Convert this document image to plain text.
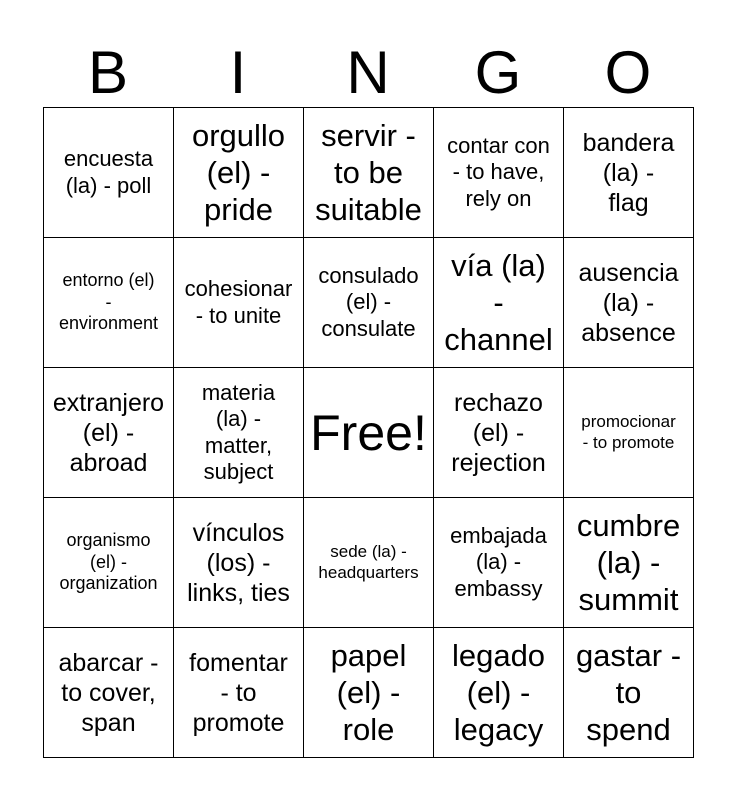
B	I	N	G	O
encuesta
(la) - poll	orgullo
(el) -
pride	servir -
to be
suitable	contar con
- to have,
rely on	bandera
(la) -
flag
entorno (el)
-
environment	cohesionar
- to unite	consulado
(el) -
consulate	vía (la)
-
channel	ausencia
(la) -
absence
extranjero
(el) -
abroad	materia
(la) -
matter,
subject	Free!	rechazo
(el) -
rejection	promocionar
- to promote
organismo
(el) -
organization	vínculos
(los) -
links, ties	sede (la) -
headquarters	embajada
(la) -
embassy	cumbre
(la) -
summit
abarcar -
to cover,
span	fomentar
- to
promote	papel
(el) -
role	legado
(el) -
legacy	gastar -
to
spend
